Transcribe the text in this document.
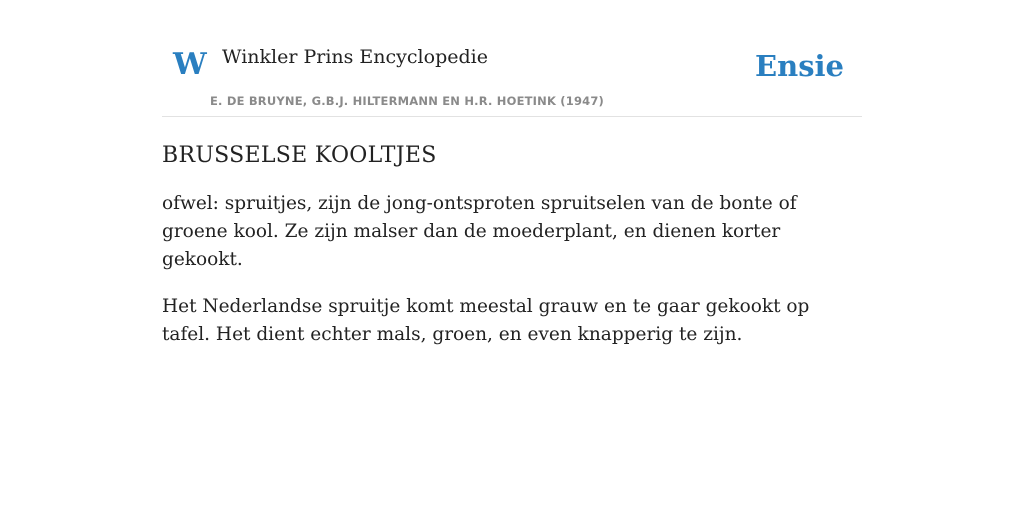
W Winkler Prins Encyclopedie
E. DE BRUYNE, G.B.J. HILTERMANN EN H.R. HOETINK (1947)
Ensie
BRUSSELSE KOOLTJES

ofwel: spruitjes, zijn de jong-ontsproten spruitselen van de bonte of groene kool. Ze zijn malser dan de moederplant, en dienen korter gekookt.

Het Nederlandse spruitje komt meestal grauw en te gaar gekookt op tafel. Het dient echter mals, groen, en even knapperig te zijn.
